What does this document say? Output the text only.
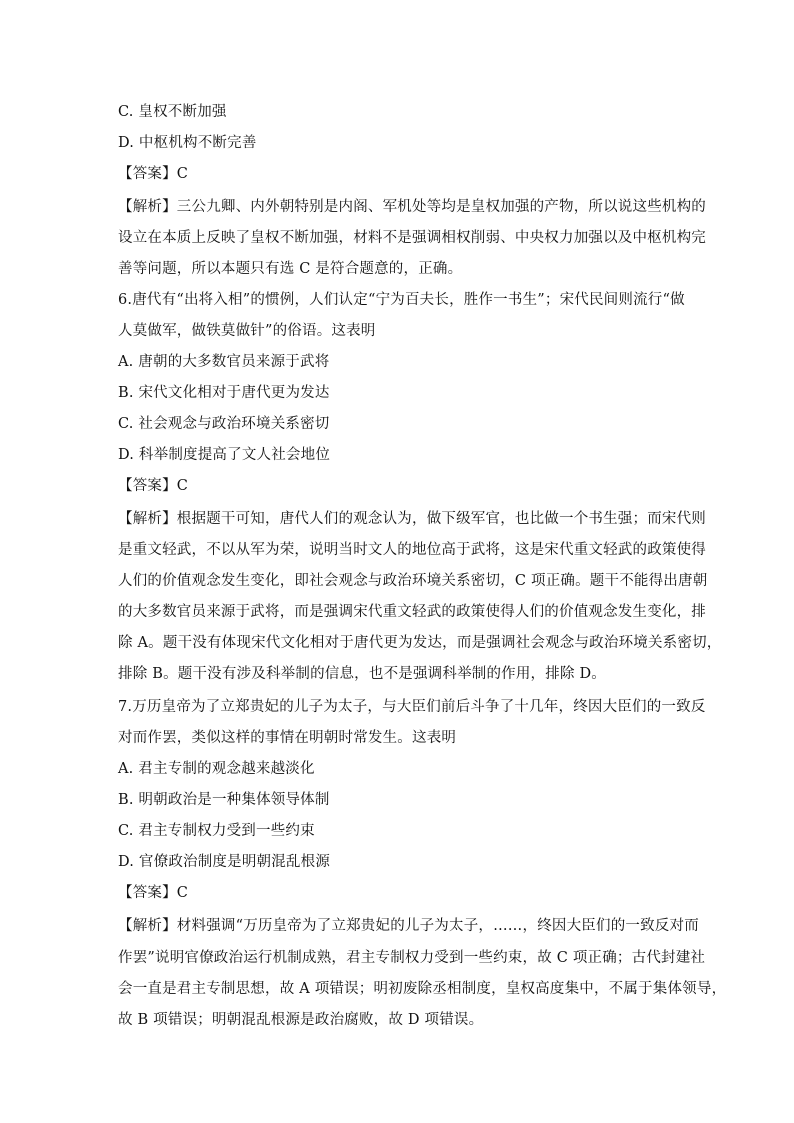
C. 皇权不断加强
D. 中枢机构不断完善
【答案】C
【解析】三公九卿、内外朝特别是内阁、军机处等均是皇权加强的产物，所以说这些机构的
设立在本质上反映了皇权不断加强，材料不是强调相权削弱、中央权力加强以及中枢机构完
善等问题，所以本题只有选 C 是符合题意的，正确。
6.唐代有“出将入相”的惯例，人们认定“宁为百夫长，胜作一书生”；宋代民间则流行“做
人莫做军，做铁莫做针”的俗语。这表明
A. 唐朝的大多数官员来源于武将
B. 宋代文化相对于唐代更为发达
C. 社会观念与政治环境关系密切
D. 科举制度提高了文人社会地位
【答案】C
【解析】根据题干可知，唐代人们的观念认为，做下级军官，也比做一个书生强；而宋代则
是重文轻武，不以从军为荣，说明当时文人的地位高于武将，这是宋代重文轻武的政策使得
人们的价值观念发生变化，即社会观念与政治环境关系密切，C 项正确。题干不能得出唐朝
的大多数官员来源于武将，而是强调宋代重文轻武的政策使得人们的价值观念发生变化，排
除 A。题干没有体现宋代文化相对于唐代更为发达，而是强调社会观念与政治环境关系密切，
排除 B。题干没有涉及科举制的信息，也不是强调科举制的作用，排除 D。
7.万历皇帝为了立郑贵妃的儿子为太子，与大臣们前后斗争了十几年，终因大臣们的一致反
对而作罢，类似这样的事情在明朝时常发生。这表明
A. 君主专制的观念越来越淡化
B. 明朝政治是一种集体领导体制
C. 君主专制权力受到一些约束
D. 官僚政治制度是明朝混乱根源
【答案】C
【解析】材料强调“万历皇帝为了立郑贵妃的儿子为太子，……，终因大臣们的一致反对而
作罢”说明官僚政治运行机制成熟，君主专制权力受到一些约束，故 C 项正确；古代封建社
会一直是君主专制思想，故 A 项错误；明初废除丞相制度，皇权高度集中，不属于集体领导，
故 B 项错误；明朝混乱根源是政治腐败，故 D 项错误。
